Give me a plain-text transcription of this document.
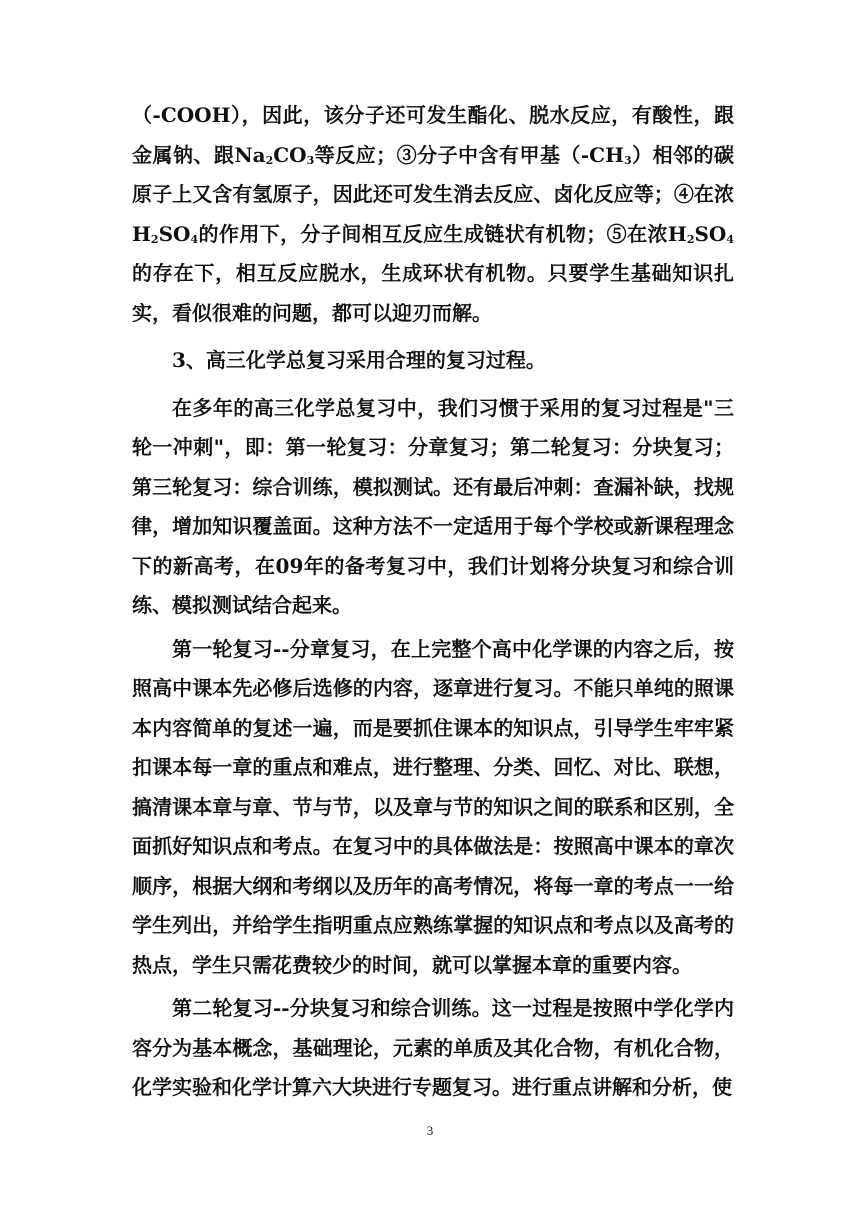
（-COOH），因此，该分子还可发生酯化、脱水反应，有酸性，跟金属钠、跟$Na_2CO_3$等反应；③分子中含有甲基$(-CH_3)$相邻的碳原子上又含有氢原子，因此还可发生消去反应、卤化反应等；④在浓$H_2SO_4$的作用下，分子间相互反应生成链状有机物；⑤在浓$H_2SO_4$的存在下，相互反应脱水，生成环状有机物。只要学生基础知识扎实，看似很难的问题，都可以迎刃而解。

3、高三化学总复习采用合理的复习过程。

在多年的高三化学总复习中，我们习惯于采用的复习过程是"三轮一冲刺"，即：第一轮复习：分章复习；第二轮复习：分块复习；第三轮复习：综合训练，模拟测试。还有最后冲刺：查漏补缺，找规律，增加知识覆盖面。这种方法不一定适用于每个学校或新课程理念下的新高考，在09年的备考复习中，我们计划将分块复习和综合训练、模拟测试结合起来。

第一轮复习--分章复习，在上完整个高中化学课的内容之后，按照高中课本先必修后选修的内容，逐章进行复习。不能只单纯的照课本内容简单的复述一遍，而是要抓住课本的知识点，引导学生牢牢紧扣课本每一章的重点和难点，进行整理、分类、回忆、对比、联想，搞清课本章与章、节与节，以及章与节的知识之间的联系和区别，全面抓好知识点和考点。在复习中的具体做法是：按照高中课本的章次顺序，根据大纲和考纲以及历年的高考情况，将每一章的考点一一给学生列出，并给学生指明重点应熟练掌握的知识点和考点以及高考的热点，学生只需花费较少的时间，就可以掌握本章的重要内容。

第二轮复习--分块复习和综合训练。这一过程是按照中学化学内容分为基本概念，基础理论，元素的单质及其化合物，有机化合物，化学实验和化学计算六大块进行专题复习。进行重点讲解和分析，使

3
